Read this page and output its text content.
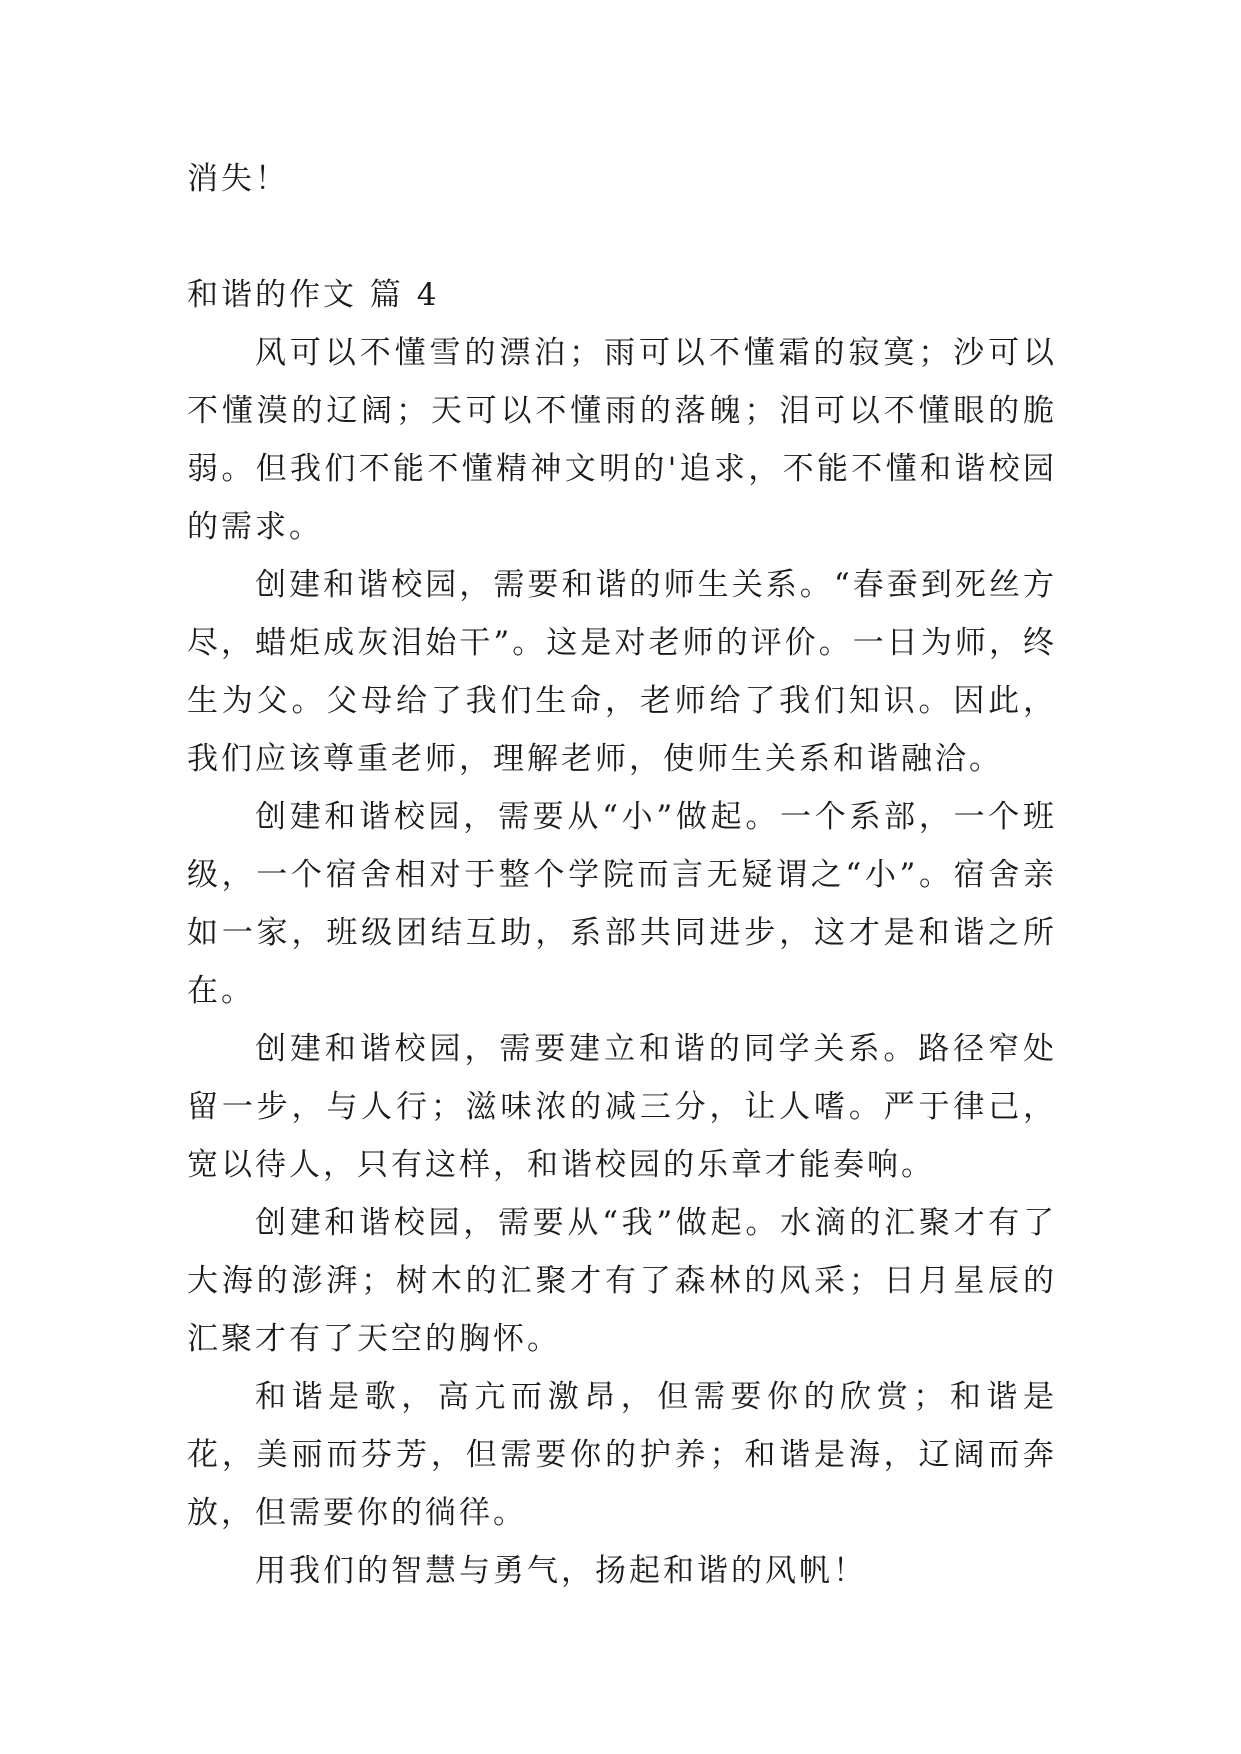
消失！

和谐的作文 篇 4

风可以不懂雪的漂泊；雨可以不懂霜的寂寞；沙可以不懂漠的辽阔；天可以不懂雨的落魄；泪可以不懂眼的脆弱。但我们不能不懂精神文明的'追求，不能不懂和谐校园的需求。

创建和谐校园，需要和谐的师生关系。“春蚕到死丝方尽，蜡炬成灰泪始干”。这是对老师的评价。一日为师，终生为父。父母给了我们生命，老师给了我们知识。因此，我们应该尊重老师，理解老师，使师生关系和谐融洽。

创建和谐校园，需要从“小”做起。一个系部，一个班级，一个宿舍相对于整个学院而言无疑谓之“小”。宿舍亲如一家，班级团结互助，系部共同进步，这才是和谐之所在。

创建和谐校园，需要建立和谐的同学关系。路径窄处留一步，与人行；滋味浓的减三分，让人嗜。严于律己，宽以待人，只有这样，和谐校园的乐章才能奏响。

创建和谐校园，需要从“我”做起。水滴的汇聚才有了大海的澎湃；树木的汇聚才有了森林的风采；日月星辰的汇聚才有了天空的胸怀。

和谐是歌，高亢而激昂，但需要你的欣赏；和谐是花，美丽而芬芳，但需要你的护养；和谐是海，辽阔而奔放，但需要你的徜徉。

用我们的智慧与勇气，扬起和谐的风帆！
